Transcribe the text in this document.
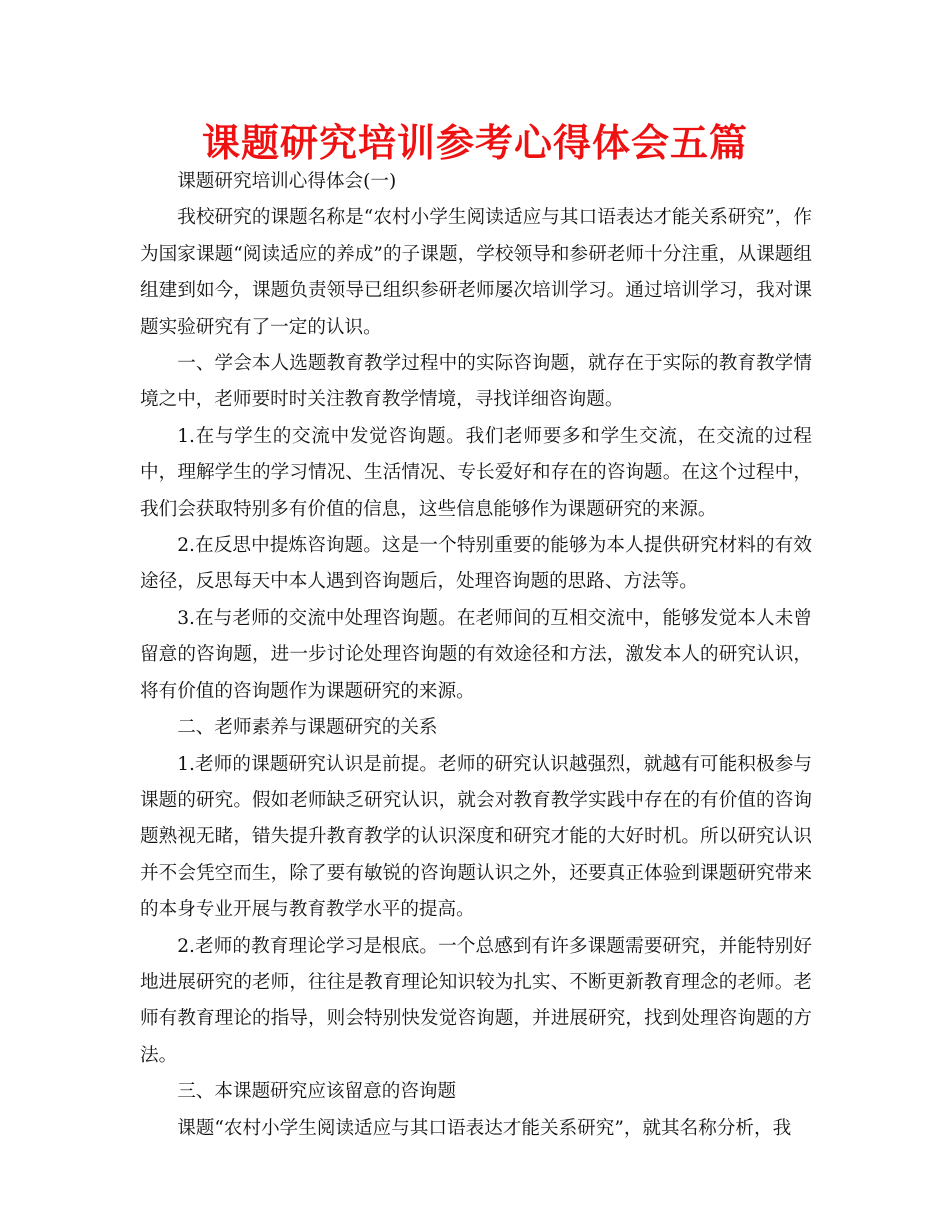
课题研究培训参考心得体会五篇

课题研究培训心得体会(一)

我校研究的课题名称是“农村小学生阅读适应与其口语表达才能关系研究”，作为国家课题“阅读适应的养成”的子课题，学校领导和参研老师十分注重，从课题组组建到如今，课题负责领导已组织参研老师屡次培训学习。通过培训学习，我对课题实验研究有了一定的认识。

一、学会本人选题教育教学过程中的实际咨询题，就存在于实际的教育教学情境之中，老师要时时关注教育教学情境，寻找详细咨询题。

1.在与学生的交流中发觉咨询题。我们老师要多和学生交流，在交流的过程中，理解学生的学习情况、生活情况、专长爱好和存在的咨询题。在这个过程中，我们会获取特别多有价值的信息，这些信息能够作为课题研究的来源。

2.在反思中提炼咨询题。这是一个特别重要的能够为本人提供研究材料的有效途径，反思每天中本人遇到咨询题后，处理咨询题的思路、方法等。

3.在与老师的交流中处理咨询题。在老师间的互相交流中，能够发觉本人未曾留意的咨询题，进一步讨论处理咨询题的有效途径和方法，激发本人的研究认识，将有价值的咨询题作为课题研究的来源。

二、老师素养与课题研究的关系

1.老师的课题研究认识是前提。老师的研究认识越强烈，就越有可能积极参与课题的研究。假如老师缺乏研究认识，就会对教育教学实践中存在的有价值的咨询题熟视无睹，错失提升教育教学的认识深度和研究才能的大好时机。所以研究认识并不会凭空而生，除了要有敏锐的咨询题认识之外，还要真正体验到课题研究带来的本身专业开展与教育教学水平的提高。

2.老师的教育理论学习是根底。一个总感到有许多课题需要研究，并能特别好地进展研究的老师，往往是教育理论知识较为扎实、不断更新教育理念的老师。老师有教育理论的指导，则会特别快发觉咨询题，并进展研究，找到处理咨询题的方法。

三、本课题研究应该留意的咨询题

课题“农村小学生阅读适应与其口语表达才能关系研究”，就其名称分析，我
